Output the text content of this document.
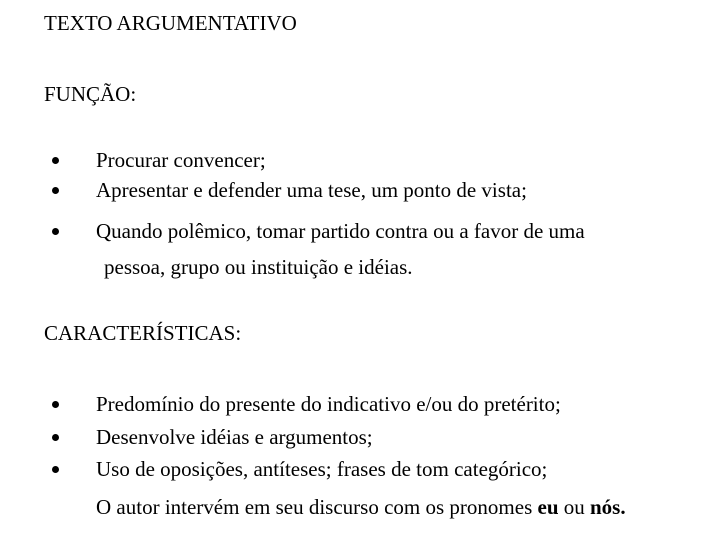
TEXTO ARGUMENTATIVO
FUNÇÃO:
Procurar convencer;
Apresentar e defender uma tese, um ponto de vista;
Quando polêmico, tomar partido contra ou a favor de uma
pessoa, grupo ou instituição e idéias.
CARACTERÍSTICAS:
Predomínio do presente do indicativo e/ou do pretérito;
Desenvolve idéias e argumentos;
Uso de oposições, antíteses; frases de tom categórico;
O autor intervém em seu discurso com os pronomes eu ou nós.
